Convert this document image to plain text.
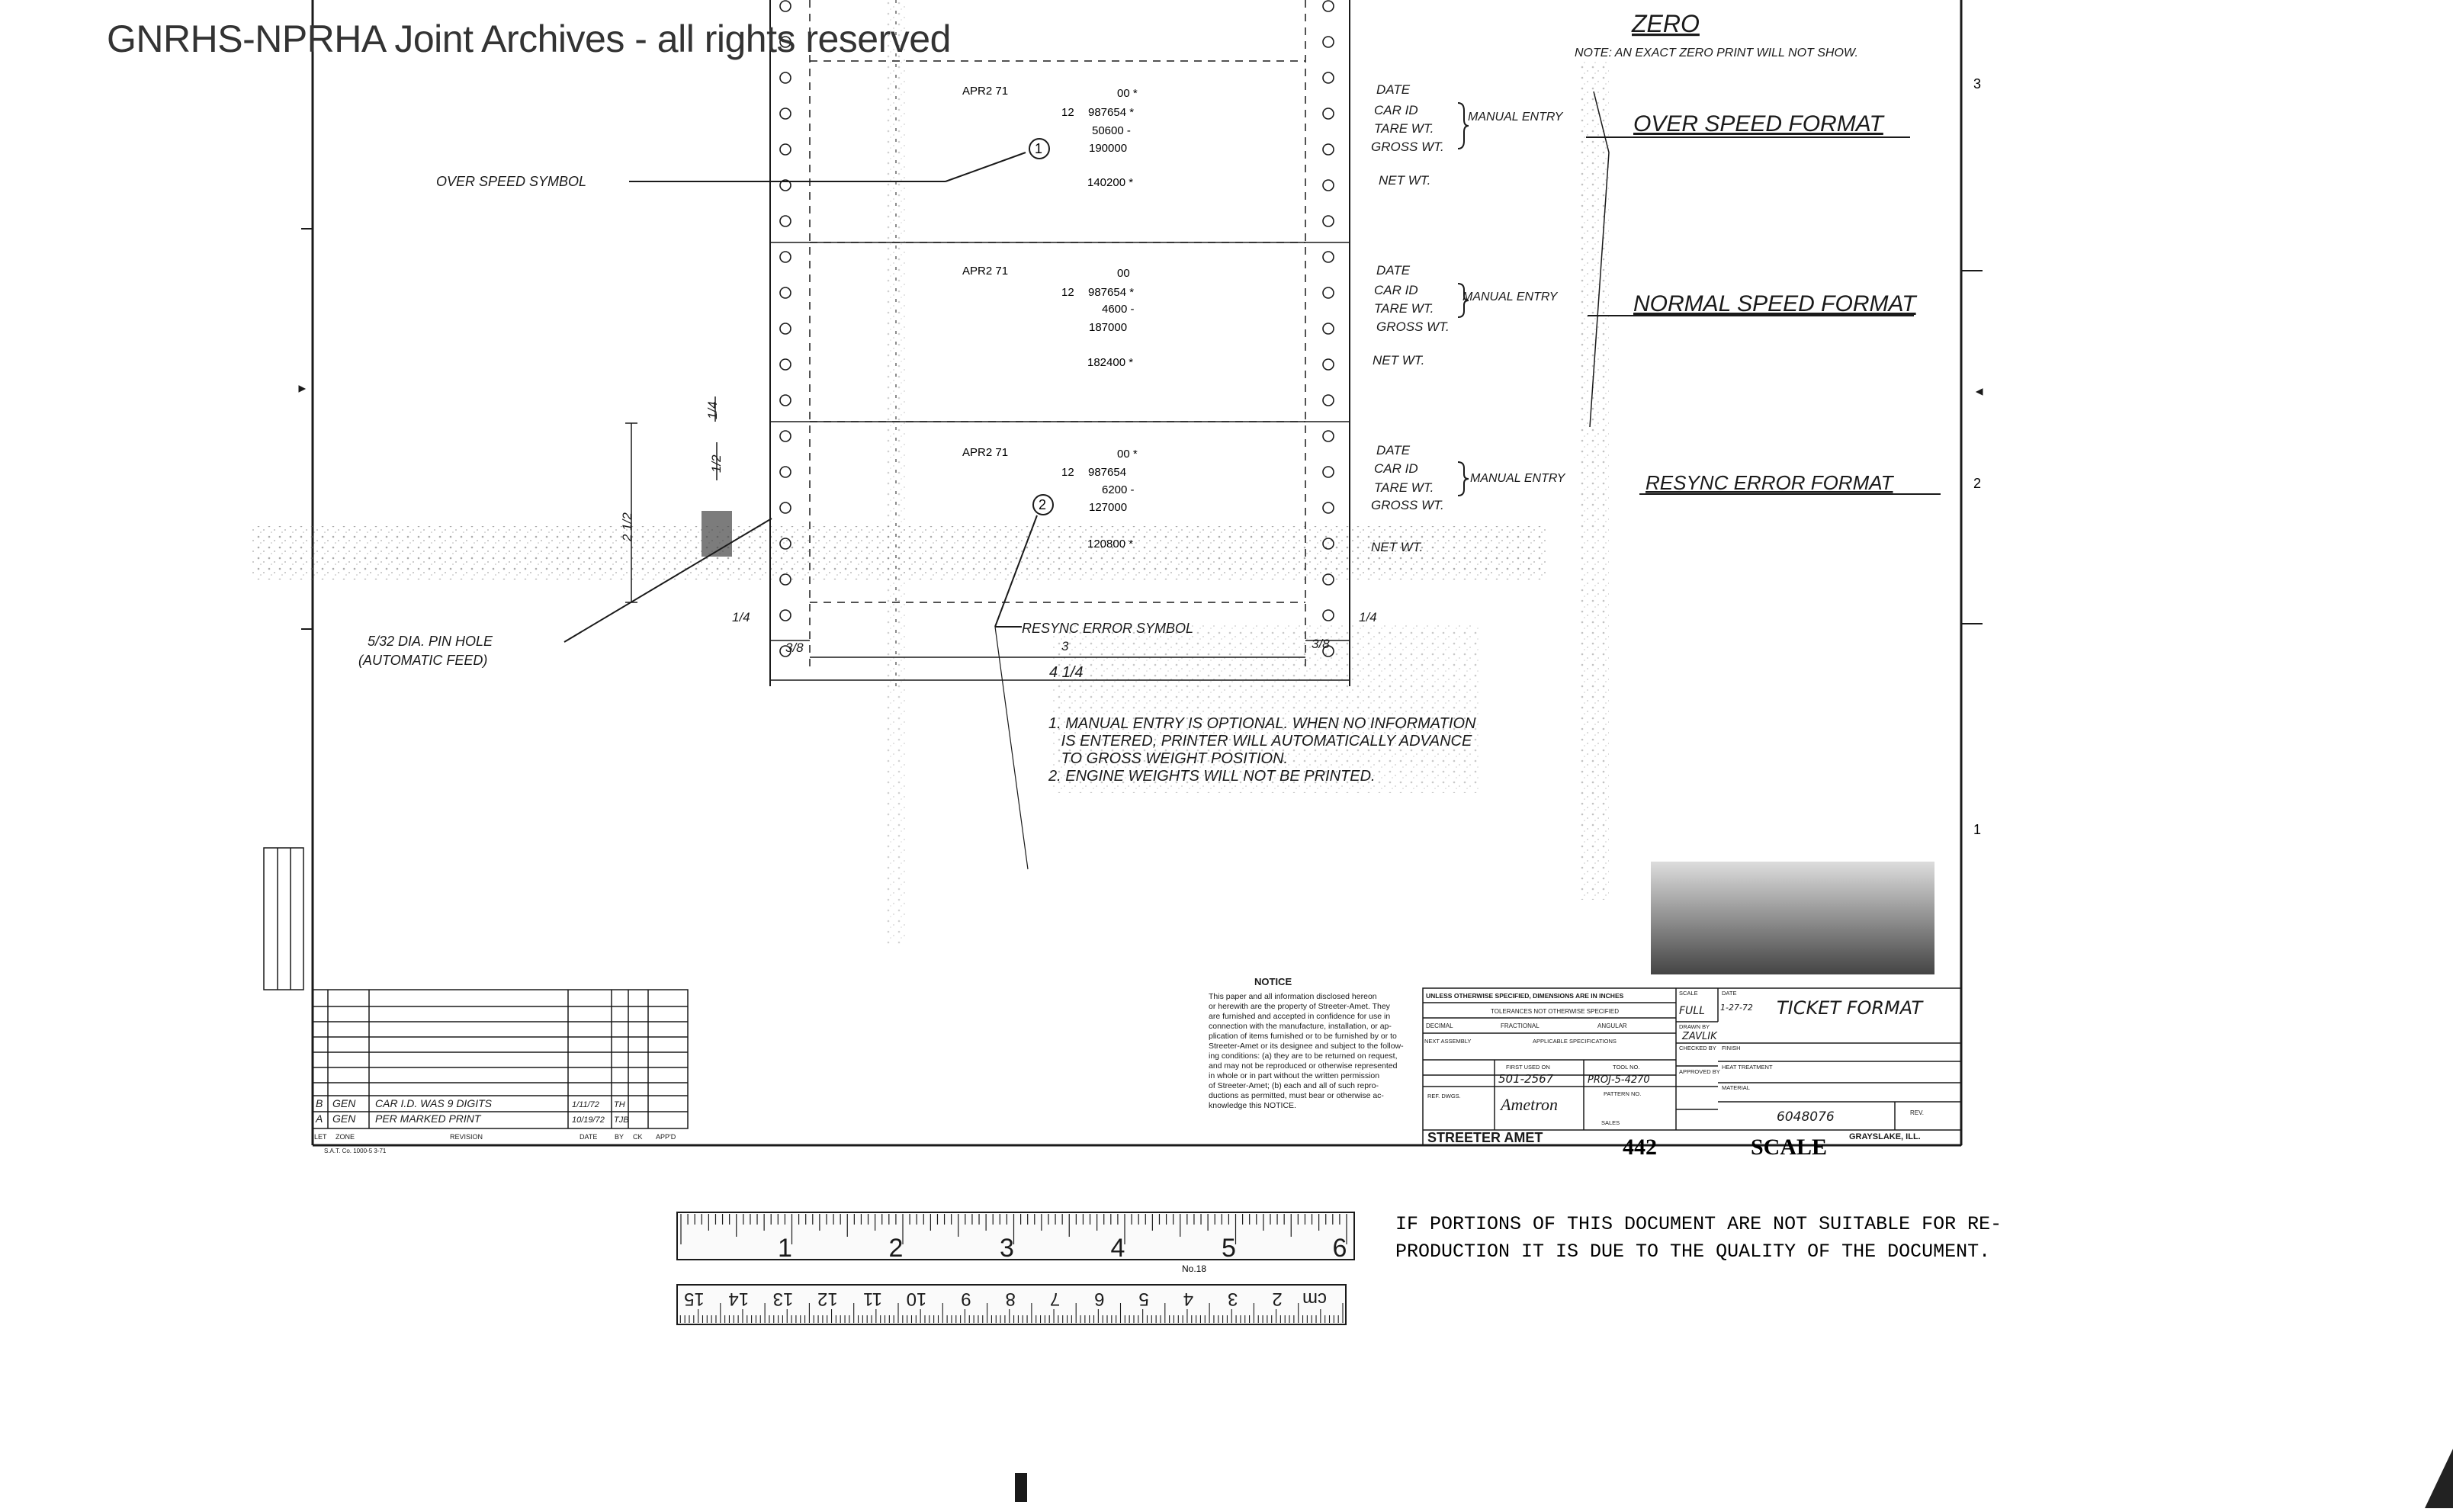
3
2
1
APR2 71	00 *
12 987654 *
50600 -
190000
140200 *
APR2 71	00
12 987654 *
4600 -
187000
182400 *
APR2 71	00 *
12 987654
6200 -
127000
120800 *
DATE
CAR ID
TARE WT.
GROSS WT.
NET WT.
MANUAL ENTRY
DATE
CAR ID
TARE WT.
GROSS WT.
NET WT.
MANUAL ENTRY
DATE
CAR ID
TARE WT.
GROSS WT.
NET WT.
MANUAL ENTRY
ZERO
NOTE: AN EXACT ZERO PRINT WILL NOT SHOW.
OVER SPEED FORMAT
NORMAL SPEED FORMAT
RESYNC ERROR FORMAT
OVER SPEED SYMBOL
5/32 DIA. PIN HOLE
(AUTOMATIC FEED)
RESYNC ERROR SYMBOL
1
2
3/8	3/8
3
4 1/4
1/4	1/4
2 1/2
1/4
1/2
1. MANUAL ENTRY IS OPTIONAL. WHEN NO INFORMATION
IS ENTERED, PRINTER WILL AUTOMATICALLY ADVANCE
TO GROSS WEIGHT POSITION.
2. ENGINE WEIGHTS WILL NOT BE PRINTED.
B GEN CAR I.D. WAS 9 DIGITS	1/11/72 TH
A GEN PER MARKED PRINT	10/19/72 TJB
LET ZONE	REVISION	DATE	BY CK APP'D
S.A.T. Co. 1000-5 3-71
NOTICE
This paper and all information disclosed hereon
or herewith are the property of Streeter-Amet. They
are furnished and accepted in confidence for use in
connection with the manufacture, installation, or ap-
plication of items furnished or to be furnished by or to
Streeter-Amet or its designee and subject to the follow-
ing conditions: (a) they are to be returned on request,
and may not be reproduced or otherwise represented
in whole or in part without the written permission
of Streeter-Amet; (b) each and all of such repro-
ductions as permitted, must bear or otherwise ac-
knowledge this NOTICE.
UNLESS OTHERWISE SPECIFIED, DIMENSIONS ARE IN INCHES
TOLERANCES NOT OTHERWISE SPECIFIED
DECIMAL	FRACTIONAL	ANGULAR
NEXT ASSEMBLY	APPLICABLE SPECIFICATIONS
FIRST USED ON
501-2567
TOOL NO.
PROJ-5-4270
PATTERN NO.
REF. DWGS. Ametron
SALES
SCALE
FULL
DATE
1-27-72
DRAWN BY
ZAVLIK
CHECKED BY
APPROVED BY
FINISH
HEAT TREATMENT
MATERIAL
TICKET FORMAT
6048076	REV.
STREETER AMET	GRAYSLAKE, ILL.
442	SCALE
1	2	3	4	5	6
No.18
cm
2
3
4
5
6
7
8
9
10
11
12
13
14
15
IF PORTIONS OF THIS DOCUMENT ARE NOT SUITABLE FOR RE-
PRODUCTION IT IS DUE TO THE QUALITY OF THE DOCUMENT.
GNRHS-NPRHA Joint Archives - all rights reserved
